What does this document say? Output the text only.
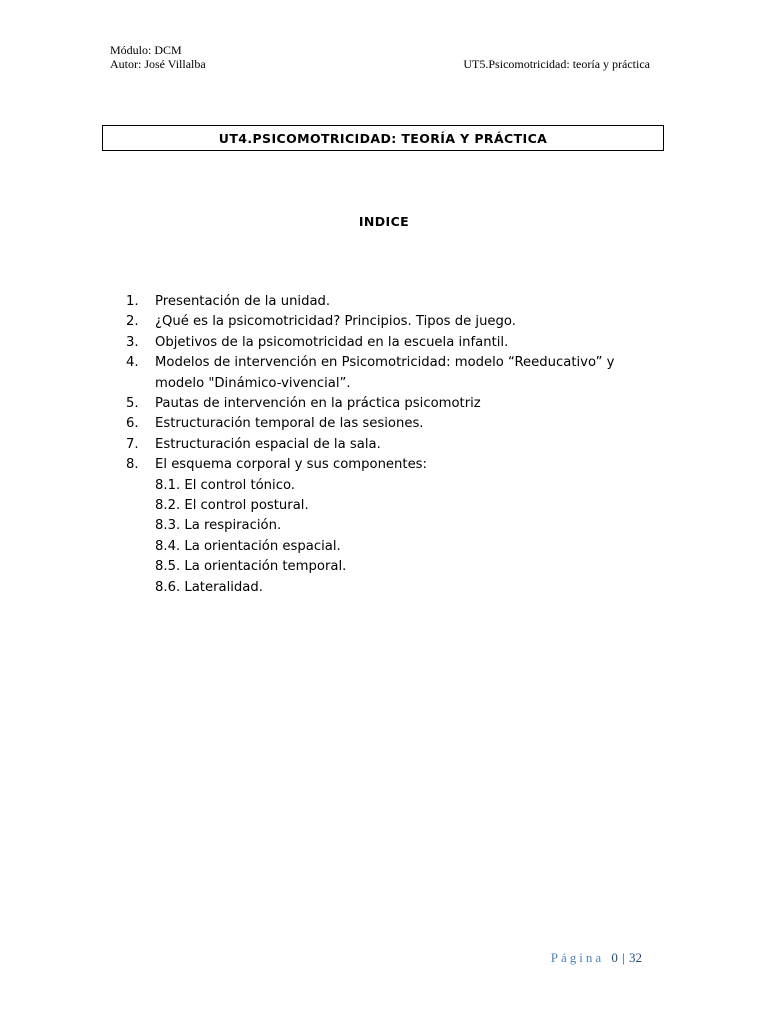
Módulo: DCM
Autor: José Villalba	UT5.Psicomotricidad: teoría y práctica
UT4.PSICOMOTRICIDAD: TEORÍA Y PRÁCTICA
INDICE
1.	Presentación de la unidad.
2.	¿Qué es la psicomotricidad? Principios. Tipos de juego.
3.	Objetivos de la psicomotricidad en la escuela infantil.
4.	Modelos de intervención en Psicomotricidad: modelo “Reeducativo” y
modelo "Dinámico-vivencial”.
5.	Pautas de intervención en la práctica psicomotriz
6.	Estructuración temporal de las sesiones.
7.	Estructuración espacial de la sala.
8.	El esquema corporal y sus componentes:
8.1. El control tónico.
8.2. El control postural.
8.3. La respiración.
8.4. La orientación espacial.
8.5. La orientación temporal.
8.6. Lateralidad.
Página 0 | 32
